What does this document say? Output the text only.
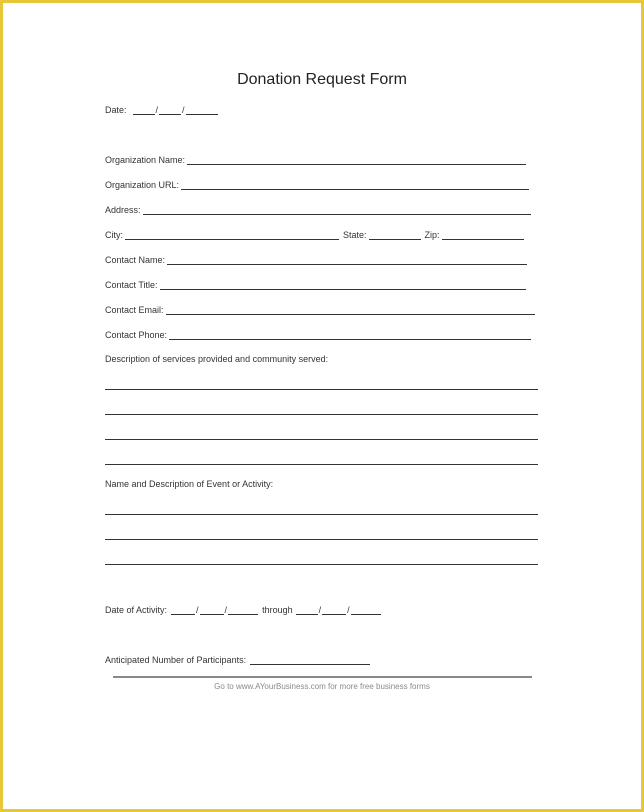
Donation Request Form
Date:	/	/
Organization Name:
Organization URL:
Address:
City:	State:	Zip:
Contact Name:
Contact Title:
Contact Email:
Contact Phone:
Description of services provided and community served:
Name and Description of Event or Activity:
Date of Activity:	/	/	through	/	/
Anticipated Number of Participants:
Go to www.AYourBusiness.com for more free business forms
